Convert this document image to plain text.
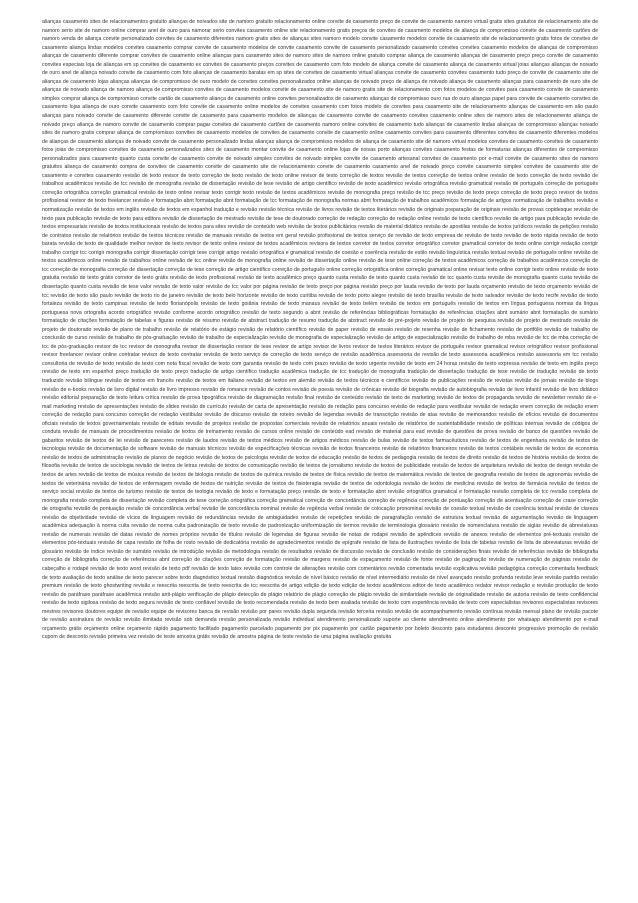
alianças casamento sites de relacionamentos gratuito alianças de noivados site de namoro gratuito relacionamento online convite de casamento preço de convite de casamento namoro virtual gratis sites gratuitos de relacionamento site de namoro serio site de namoro online comprar anel de ouro para namorar serio convites casamento online site relacionamento gratis preços de convites de casamento modelos de aliança de compromisso convite de casamento cartões de namoro venda de aliança convite personalizado convites de casamento diferentes namoro gratis sites de alianças sites namoro modelo convite casamento modelos convite de casamento site de relacionamento gratis fotos de convites de casamento aliança lindas modelos convites casamento comprar convite de casamento modelos de convite casamento convite de casamento personalizado casamento convites convites casamento modelos de alianças de compromisso alianças de casamento diferente comprar convites de casamento online alianças para casamento sites de namoro sites de namoro online gratuito comprar aliança de casamento alianças de casamento preço preço convite de casamento convites especiais loja de alianças em sp convites de casamento ex convites de casamento preços convites de casamento com foto modelo de aliança convite de casamento aliança de casamento virtual joias alianças alianças de noivado de ouro anel de aliança noivado convite de casamento com foto alianças de casamento baratas em sp sites de convites de casamento virtual alianças convite de casamento convites casamento tudo preço de convite de casamento site de alianças de casamento lojas alianças alianças de compromisso de ouro modelo de convites convites personalizados online alianças de noivado preço de aliança de noivado aliança de casamento alianças para casamento de ouro site de alianças de noivado aliança de namoro aliança de compromisso convites de casamento modelos convite de casamento site de namoro gratis site de relacionamento com fotos modelos de convites para casamento convite de casamento simples comprar aliança de compromisso convite cartão de casamento aliança de casamento online convites personalizados de casamento alianças de compromisso ouro rua do ouro alianças papel para convite de casamento convites de casamento lojas aliança de ouro convite casamento com foto convite de casamento online modelos de convites casamento com fotos modelo de convites para casamento site de relacionamento alianças de casamento em são paulo alianças para noivado convite de casamento diferente convite de casamento para casamento modelos de alianças de casamento convite de casamento convites casamento online sites de namoro sites de relacionamento aliança de noivado preço aliança de namoro convite de casamento comprar pagar convites de casamento cartões de casamento namoro online convites de casamento tudo alianças de casamento lindas alianças de compromisso alianças noivado sites de namoro gratis comprar aliança de compromisso convites de casamento modelos de convites de casamento convite de casamento online casamento convites para casamento diferentes convites de casamento diferentes modelos de alianças de casamento alianças de noivado convite de casamento personalizado lindas alianças aliança de compromisso modelos de aliança de casamento site de namoro virtual modelos convites de casamento convites de casamento fotos joias de compromisso convites de casamento personalizados sites de casamento montar convite de casamento online lojas de noivas porto alianças convites casamento festas de formaturas alianças diferentes de compromisso personalizados para casamento quanto custa convite de casamento convite de noivado simples convites de noivado simples convite de casamento artesanal convites de casamento por e-mail convite de casamento sites de namoro gratuitos aliança de casamento compra de convites de casamento convite de casamento site de relacionamento convite de casamento casamento anel de noivado preço convite casamento simples convites de casamento site de casamento e convites casamento revisão de texto revisor de texto correção de texto revisão de texto online revisor de texto correção de textos revisão de textos correção de textos online revisão de texto correção de texto revisão de trabalhos acadêmicos revisão de tcc revisão de monografia revisão de dissertação revisão de tese revisão de artigo científico revisão de texto acadêmico revisão ortográfica revisão gramatical revisão de português correção de português correção ortográfica correção gramatical revisão de texto online revisar texto corrigir texto revisão de textos acadêmicos revisão de monografia preço revisão de tcc preço revisão de texto preço correção de texto preço revisor de textos profissional revisor de texto freelancer revisão e formatação abnt formatação abnt formatação de tcc formatação de monografia normas abnt formatação de trabalhos acadêmicos formatação de artigos normatização de trabalhos revisão e normatização revisão de textos em inglês revisão de textos em espanhol tradução e revisão revisão técnica revisão de livros revisão de textos literários revisão de originais preparação de originais revisão de provas copidesque revisão de texto para publicação revisão de texto para editora revisão de dissertação de mestrado revisão de tese de doutorado correção de redação correção de redação online revisão de texto científico revisão de artigo para publicação revisão de textos empresariais revisão de textos institucionais revisão de textos para sites revisão de conteúdo web revisão de textos publicitários revisão de material didático revisão de apostilas revisão de textos jurídicos revisão de petições revisão de contratos revisão de relatórios revisão de textos técnicos revisão de manuais revisão de textos em geral revisão profissional de textos serviço de revisão de texto empresa de revisão de texto revisão de texto rápida revisão de texto barata revisão de texto de qualidade melhor revisor de texto revisor de texto online revisor de textos acadêmicos revisora de textos corretor de textos corretor ortográfico corretor gramatical corretor de texto online corrigir redação corrigir trabalho corrigir tcc corrigir monografia corrigir dissertação corrigir tese corrigir artigo revisão ortográfica e gramatical revisão de coesão e coerência revisão de estilo revisão linguística revisão textual revisão de português online revisão de textos acadêmicos online revisão de trabalhos online revisão de tcc online revisão de monografia online revisão de dissertação online revisão de tese online correção de textos acadêmicos correção de trabalhos acadêmicos correção de tcc correção de monografia correção de dissertação correção de tese correção de artigo científico correção de português online correção ortográfica online correção gramatical online revisar texto online corrigir texto online revisão de texto gratuita revisão de texto grátis corretor de texto grátis revisão de texto profissional revisão de texto acadêmico preço quanto custa revisão de texto quanto custa revisão de tcc quanto custa revisão de monografia quanto custa revisão de dissertação quanto custa revisão de tese valor revisão de texto valor revisão de tcc valor por página revisão de texto preço por página revisão preço por lauda revisão de texto por lauda orçamento revisão de texto orçamento revisão de tcc revisão de texto são paulo revisão de texto rio de janeiro revisão de texto belo horizonte revisão de texto curitiba revisão de texto porto alegre revisão de texto brasília revisão de texto salvador revisão de texto recife revisão de texto fortaleza revisão de texto campinas revisão de texto florianópolis revisão de texto goiânia revisão de texto manaus revisão de texto belém revisão de textos em português revisão de textos em língua portuguesa normas da língua portuguesa nova ortografia acordo ortográfico revisão conforme acordo ortográfico revisão de texto segundo a abnt revisão de referências bibliográficas formatação de referências citações abnt sumário abnt formatação de sumário formatação de citações formatação de tabelas e figuras revisão de resumo revisão de abstract tradução de resumo tradução de abstract revisão de pré-projeto revisão de projeto de pesquisa revisão de projeto de mestrado revisão de projeto de doutorado revisão de plano de trabalho revisão de relatório de estágio revisão de relatório científico revisão de paper revisão de ensaio revisão de resenha revisão de fichamento revisão de portfólio revisão de trabalho de conclusão de curso revisão de trabalho de pós-graduação revisão de trabalho de especialização revisão de monografia de especialização revisão de artigo de especialização revisão de trabalho de mba revisão de tcc de mba correção de tcc de pós-graduação revisor de tcc revisor de monografia revisor de dissertação revisor de tese revisor de artigo revisor de livros revisor de textos literários revisor de português revisor gramatical revisor ortográfico revisor profissional revisor freelancer revisor online contratar revisor de texto contratar revisão de texto serviço de correção de texto serviço de revisão acadêmica assessoria de revisão de texto assessoria acadêmica revisão assessoria em tcc revisão consultoria de revisão de texto revisão de texto com nota fiscal revisão de texto com garantia revisão de texto com prazo revisão de texto urgente revisão de texto em 24 horas revisão de texto expressa revisão de texto em inglês preço revisão de texto em espanhol preço tradução de texto preço tradução de artigo científico tradução acadêmica tradução de tcc tradução de monografia tradução de dissertação tradução de tese revisão de tradução revisão de texto traduzido revisão bilíngue revisão de textos em francês revisão de textos em italiano revisão de textos em alemão revisão de textos técnicos e científicos revisão de publicações revisão de revistas revisão de jornais revisão de blogs revisão de e-books revisão de livro digital revisão de livro impresso revisão de romance revisão de contos revisão de poesia revisão de crônicas revisão de biografia revisão de autobiografia revisão de livro infantil revisão de livro didático revisão editorial preparação de texto leitura crítica revisão de prova tipográfica revisão de diagramação revisão final revisão de conteúdo revisão de texto de marketing revisão de textos de propaganda revisão de newsletter revisão de e-mail marketing revisão de apresentações revisão de slides revisão de currículo revisão de carta de apresentação revisão de redação para concurso revisão de redação para vestibular revisão de redação enem correção de redação enem correção de redação para concurso correção de redação vestibular revisão de discurso revisão de roteiro revisão de legendas revisão de transcrição revisão de atas revisão de memorandos revisão de ofícios revisão de documentos oficiais revisão de textos governamentais revisão de editais revisão de projetos revisão de propostas comerciais revisão de relatórios anuais revisão de relatórios de sustentabilidade revisão de políticas internas revisão de códigos de conduta revisão de manuais de procedimentos revisão de textos de treinamento revisão de cursos online revisão de conteúdo ead revisão de material para ead revisão de questões de prova revisão de banco de questões revisão de gabaritos revisão de textos de lei revisão de pareceres revisão de laudos revisão de textos médicos revisão de artigos médicos revisão de bulas revisão de textos farmacêuticos revisão de textos de engenharia revisão de textos de tecnologia revisão de documentação de software revisão de manuais técnicos revisão de especificações técnicas revisão de textos financeiros revisão de relatórios financeiros revisão de textos contábeis revisão de textos de economia revisão de textos de administração revisão de planos de negócio revisão de textos de psicologia revisão de textos de educação revisão de textos de pedagogia revisão de textos de direito revisão de textos de história revisão de textos de filosofia revisão de textos de sociologia revisão de textos de letras revisão de textos de comunicação revisão de textos de jornalismo revisão de textos de publicidade revisão de textos de arquitetura revisão de textos de design revisão de textos de artes revisão de textos de música revisão de textos de biologia revisão de textos de química revisão de textos de física revisão de textos de matemática revisão de textos de geografia revisão de textos de agronomia revisão de textos de veterinária revisão de textos de enfermagem revisão de textos de nutrição revisão de textos de fisioterapia revisão de textos de odontologia revisão de textos de medicina revisão de textos de farmácia revisão de textos de serviço social revisão de textos de turismo revisão de textos de teologia revisão de texto e formatação preço revisão de texto e formatação abnt revisão ortográfica gramatical e formatação revisão completa de tcc revisão completa de monografia revisão completa de dissertação revisão completa de tese correção ortográfica correção gramatical correção de concordância correção de regência correção de pontuação correção de acentuação correção de crase correção de ortografia revisão de pontuação revisão de concordância verbal revisão de concordância nominal revisão de regência verbal revisão de colocação pronominal revisão de coesão textual revisão de coerência textual revisão de clareza revisão de objetividade revisão de vícios de linguagem revisão de redundâncias revisão de ambiguidades revisão de repetições revisão de paragrafação revisão de estrutura textual revisão de argumentação revisão de linguagem acadêmica adequação à norma culta revisão de norma culta padronização de texto revisão de padronização uniformização de termos revisão de terminologia glossário revisão de nomenclatura revisão de siglas revisão de abreviaturas revisão de numerais revisão de datas revisão de nomes próprios revisão de títulos revisão de legendas de figuras revisão de notas de rodapé revisão de apêndices revisão de anexos revisão de elementos pré-textuais revisão de elementos pós-textuais revisão de capa revisão de folha de rosto revisão de dedicatória revisão de agradecimentos revisão de epígrafe revisão de lista de ilustrações revisão de lista de tabelas revisão de lista de abreviaturas revisão de glossário revisão de índice revisão de sumário revisão de introdução revisão de metodologia revisão de resultados revisão de discussão revisão de conclusão revisão de considerações finais revisão de referências revisão de bibliografia correção de bibliografia correção de referências abnt correção de citações correção de formatação revisão de margens revisão de espaçamento revisão de fonte revisão de paginação revisão de numeração de páginas revisão de cabeçalho e rodapé revisão de texto word revisão de texto pdf revisão de texto latex revisão com controle de alterações revisão com comentários revisão comentada revisão explicativa revisão pedagógica correção comentada feedback de texto avaliação de texto análise de texto parecer sobre texto diagnóstico textual revisão diagnóstica revisão de nível básico revisão de nível intermediário revisão de nível avançado revisão profunda revisão leve revisão padrão revisão premium revisão de texto ghostwriting revisão e reescrita reescrita de texto reescrita de tcc reescrita de artigo edição de texto edição de textos acadêmicos editor de texto acadêmico redator revisor redação e revisão produção de texto revisão de paráfrase paráfrase acadêmica revisão anti-plágio verificação de plágio detecção de plágio relatório de plágio correção de plágio revisão de similaridade revisão de originalidade revisão de autoria revisão de texto confidencial revisão de texto sigilosa revisão de texto segura revisão de texto confiável revisão de texto recomendada revisão de texto bem avaliada revisão de texto com experiência revisão de texto com especialistas revisores especialistas revisores mestres revisores doutores equipe de revisão equipe de revisores banca de revisão revisão por pares revisão dupla segunda revisão terceira revisão revisão de acompanhamento revisão contínua revisão mensal plano de revisão pacote de revisão assinatura de revisão revisão ilimitada revisão sob demanda revisão personalizada revisão individual atendimento personalizado suporte ao cliente atendimento online atendimento por whatsapp atendimento por e-mail orçamento grátis orçamento online orçamento rápido pagamento facilitado pagamento parcelado pagamento por pix pagamento por cartão pagamento por boleto desconto para estudantes desconto progressivo promoção de revisão cupom de desconto revisão primeira vez revisão de teste amostra grátis revisão de amostra página de teste revisão de uma página avaliação gratuita
